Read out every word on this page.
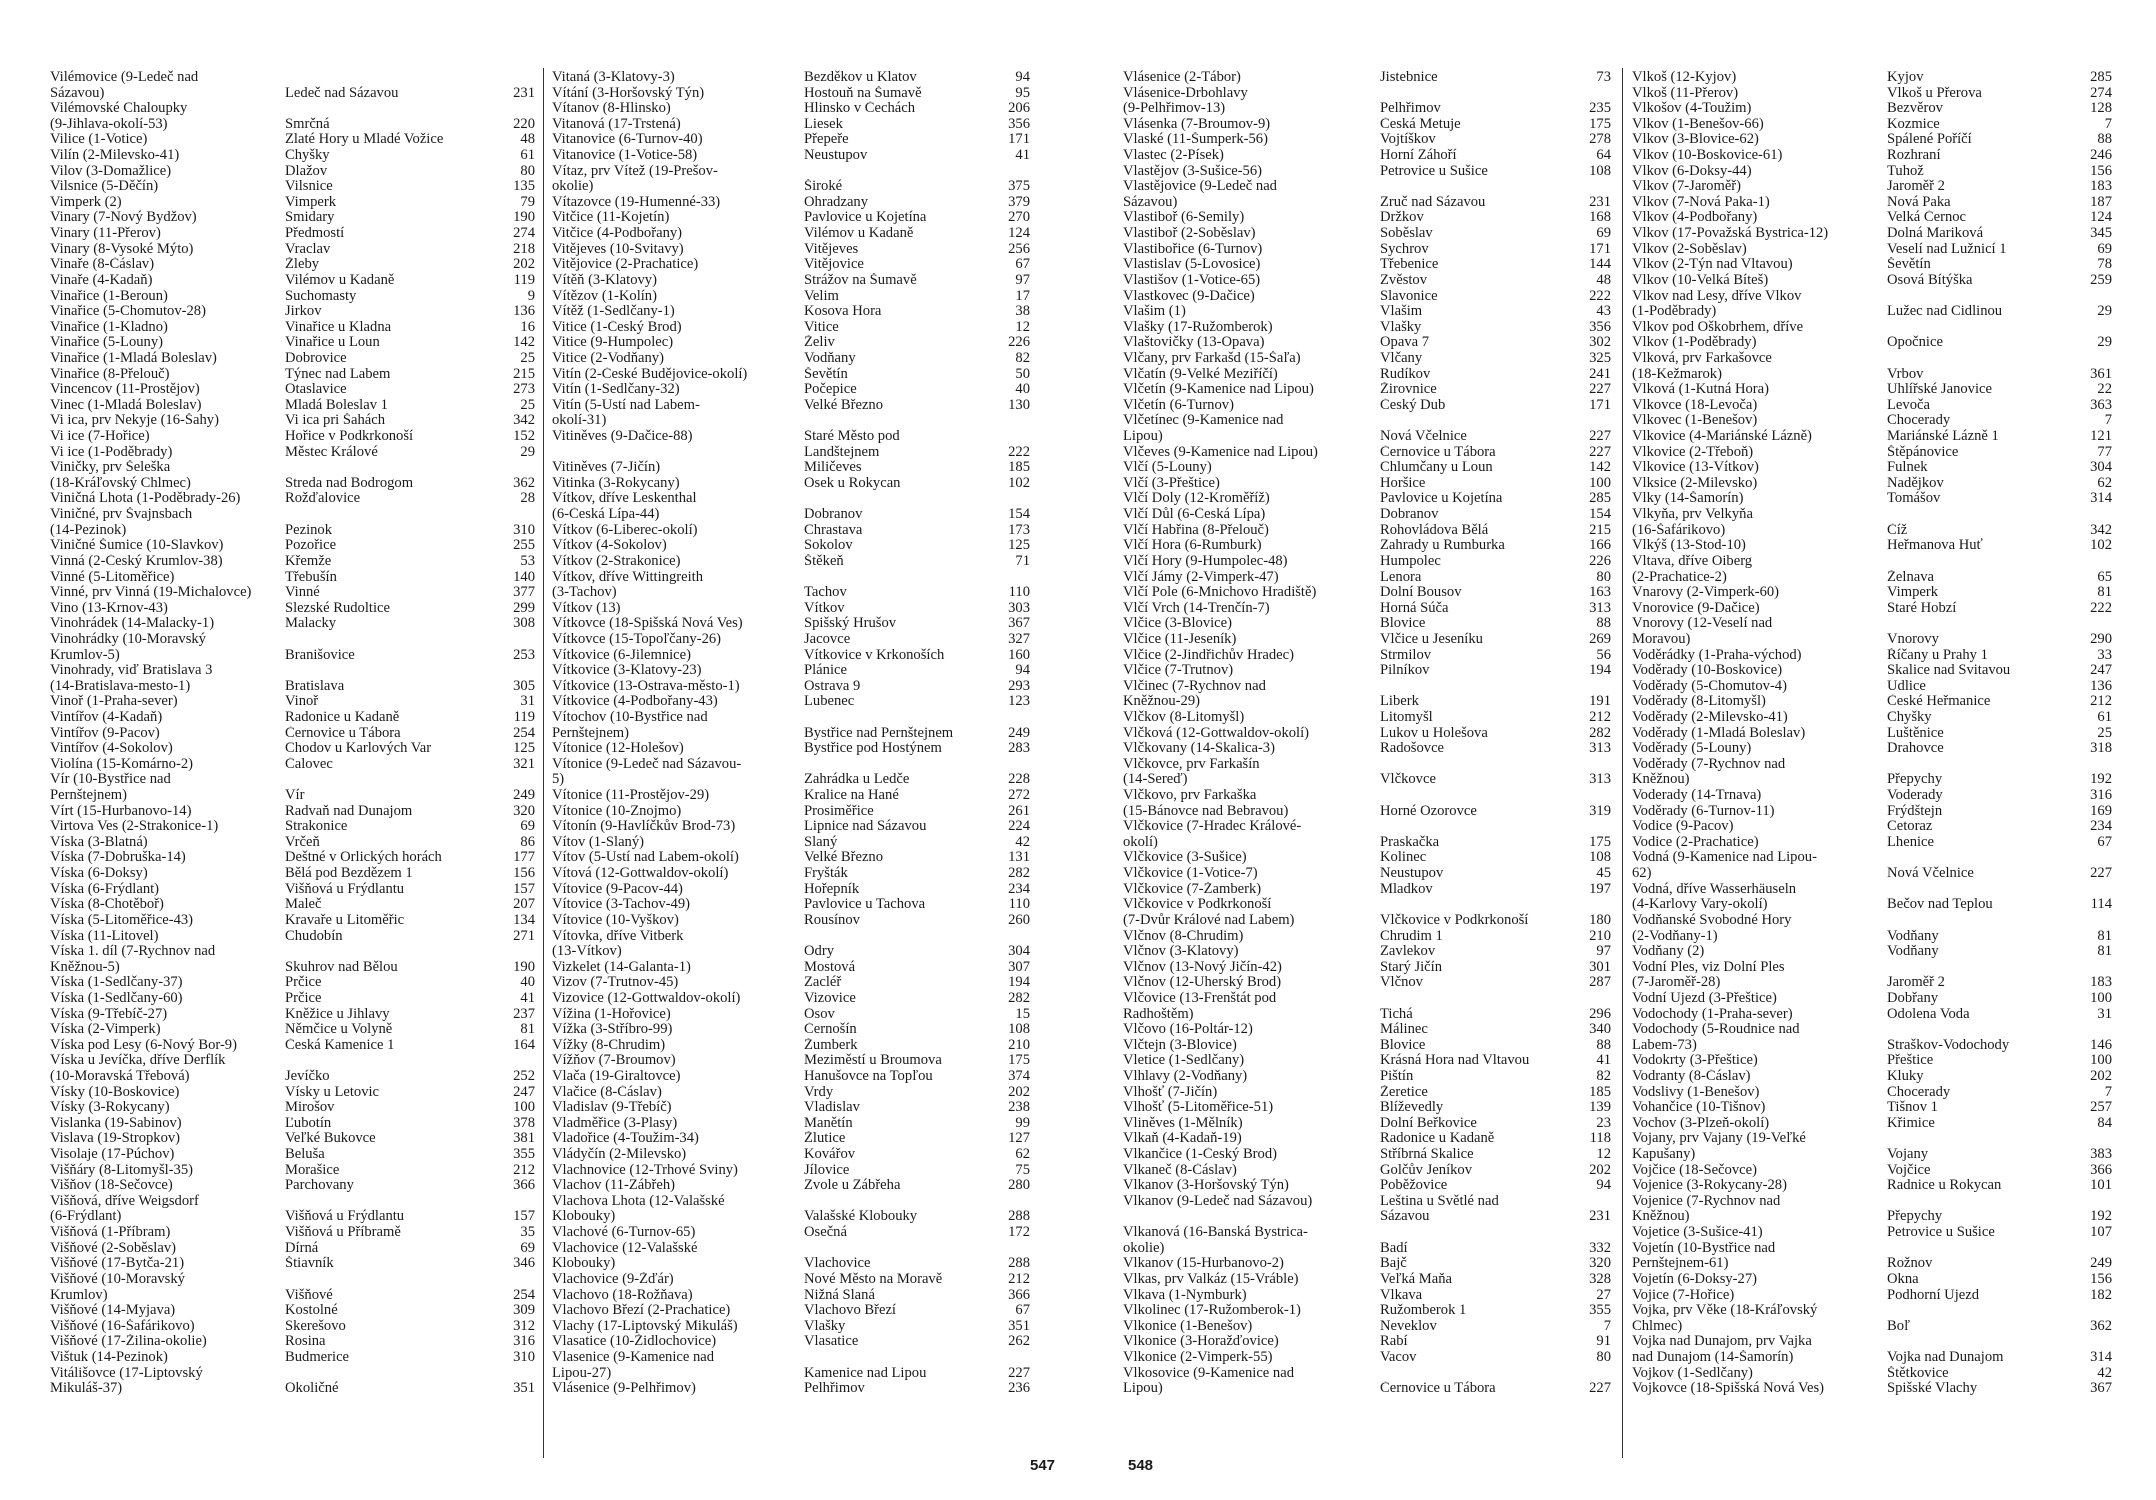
Vilémovice (9-Ledeč nad
Sázavou)	Ledeč nad Sázavou	231
Vilémovské Chaloupky
(9-Jihlava-okolí-53)	Smrčná	220
Vilice (1-Votice)	Zlaté Hory u Mladé Vožice	48
Vilín (2-Milevsko-41)	Chyšky	61
Vilov (3-Domažlice)	Dlažov	80
Vilsnice (5-Děčín)	Vilsnice	135
Vimperk (2)	Vimperk	79
Vinary (7-Nový Bydžov)	Smidary	190
Vinary (11-Přerov)	Předmostí	274
Vinary (8-Vysoké Mýto)	Vraclav	218
Vinaře (8-Čáslav)	Žleby	202
Vinaře (4-Kadaň)	Vilémov u Kadaně	119
Vinařice (1-Beroun)	Suchomasty	9
Vinařice (5-Chomutov-28)	Jirkov	136
Vinařice (1-Kladno)	Vinařice u Kladna	16
Vinařice (5-Louny)	Vinařice u Loun	142
Vinařice (1-Mladá Boleslav)	Dobrovice	25
Vinařice (8-Přelouč)	Týnec nad Labem	215
Vincencov (11-Prostějov)	Otaslavice	273
Vinec (1-Mladá Boleslav)	Mladá Boleslav 1	25
Vi ica, prv Nekyje (16-Šahy)	Vi ica pri Šahách	342
Vi ice (7-Hořice)	Hořice v Podkrkonoší	152
Vi ice (1-Poděbrady)	Městec Králové	29
Viničky, prv Šeleška
(18-Kráľovský Chlmec)	Streda nad Bodrogom	362
Viničná Lhota (1-Poděbrady-26)	Rožďalovice	28
Viničné, prv Švajnsbach
(14-Pezinok)	Pezinok	310
Viničné Šumice (10-Slavkov)	Pozořice	255
Vinná (2-Český Krumlov-38)	Křemže	53
Vinné (5-Litoměřice)	Třebušín	140
Vinné, prv Vinná (19-Michalovce)	Vinné	377
Vino (13-Krnov-43)	Slezské Rudoltice	299
Vinohrádek (14-Malacky-1)	Malacky	308
Vinohrádky (10-Moravský
Krumlov-5)	Branišovice	253
Vinohrady, viď Bratislava 3
(14-Bratislava-mesto-1)	Bratislava	305
Vinoř (1-Praha-sever)	Vinoř	31
Vintířov (4-Kadaň)	Radonice u Kadaně	119
Vintířov (9-Pacov)	Černovice u Tábora	254
Vintířov (4-Sokolov)	Chodov u Karlových Var	125
Violína (15-Komárno-2)	Čalovec	321
Vír (10-Bystřice nad
Pernštejnem)	Vír	249
Vírt (15-Hurbanovo-14)	Radvaň nad Dunajom	320
Virtova Ves (2-Strakonice-1)	Strakonice	69
Víska (3-Blatná)	Vrčeň	86
Víska (7-Dobruška-14)	Deštné v Orlických horách	177
Víska (6-Doksy)	Bělá pod Bezdězem 1	156
Víska (6-Frýdlant)	Višňová u Frýdlantu	157
Víska (8-Chotěboř)	Maleč	207
Víska (5-Litoměřice-43)	Kravaře u Litoměřic	134
Víska (11-Litovel)	Chudobín	271
Víska 1. díl (7-Rychnov nad
Kněžnou-5)	Skuhrov nad Bělou	190
Víska (1-Sedlčany-37)	Prčice	40
Víska (1-Sedlčany-60)	Prčice	41
Víska (9-Třebíč-27)	Kněžice u Jihlavy	237
Víska (2-Vimperk)	Němčice u Volyně	81
Víska pod Lesy (6-Nový Bor-9)	Česká Kamenice 1	164
Víska u Jevíčka, dříve Derflík
(10-Moravská Třebová)	Jevíčko	252
Vísky (10-Boskovice)	Vísky u Letovic	247
Vísky (3-Rokycany)	Mirošov	100
Vislanka (19-Sabinov)	Ľubotín	378
Vislava (19-Stropkov)	Veľké Bukovce	381
Visolaje (17-Púchov)	Beluša	355
Višňáry (8-Litomyšl-35)	Morašice	212
Višňov (18-Sečovce)	Parchovany	366
Višňová, dříve Weigsdorf
(6-Frýdlant)	Višňová u Frýdlantu	157
Višňová (1-Příbram)	Višňová u Příbramě	35
Višňové (2-Soběslav)	Dírná	69
Višňové (17-Bytča-21)	Štiavník	346
Višňové (10-Moravský
Krumlov)	Višňové	254
Višňové (14-Myjava)	Kostolné	309
Višňové (16-Šafárikovo)	Skerešovo	312
Višňové (17-Žilina-okolie)	Rosina	316
Vištuk (14-Pezinok)	Budmerice	310
Vitálišovce (17-Liptovský
Mikuláš-37)	Okoličné	351
Vitaná (3-Klatovy-3)	Bezděkov u Klatov	94
Vítání (3-Horšovský Týn)	Hostouň na Šumavě	95
Vítanov (8-Hlinsko)	Hlinsko v Čechách	206
Vitanová (17-Trstená)	Liesek	356
Vitanovice (6-Turnov-40)	Přepeře	171
Vitanovice (1-Votice-58)	Neustupov	41
Vítaz, prv Vítež (19-Prešov-
okolie)	Široké	375
Vítazovce (19-Humenné-33)	Ohradzany	379
Vitčice (11-Kojetín)	Pavlovice u Kojetína	270
Vitčice (4-Podbořany)	Vilémov u Kadaně	124
Vitějeves (10-Svitavy)	Vitějeves	256
Vitějovice (2-Prachatice)	Vitějovice	67
Vítěň (3-Klatovy)	Strážov na Šumavě	97
Vítězov (1-Kolín)	Velim	17
Vítěž (1-Sedlčany-1)	Kosova Hora	38
Vitice (1-Český Brod)	Vitice	12
Vitice (9-Humpolec)	Želiv	226
Vitice (2-Vodňany)	Vodňany	82
Vitín (2-České Budějovice-okolí)	Ševětín	50
Vitín (1-Sedlčany-32)	Počepice	40
Vitín (5-Ústí nad Labem-	Velké Březno	130
okolí-31)
Vitiněves (9-Dačice-88)	Staré Město pod
Landštejnem	222
Vitiněves (7-Jičín)	Miličeves	185
Vitinka (3-Rokycany)	Osek u Rokycan	102
Vítkov, dříve Leskenthal
(6-Česká Lípa-44)	Dobranov	154
Vítkov (6-Liberec-okolí)	Chrastava	173
Vítkov (4-Sokolov)	Sokolov	125
Vítkov (2-Strakonice)	Štěkeň	71
Vítkov, dříve Wittingreith
(3-Tachov)	Tachov	110
Vítkov (13)	Vítkov	303
Vítkovce (18-Spišská Nová Ves)	Spišský Hrušov	367
Vítkovce (15-Topoľčany-26)	Jacovce	327
Vítkovice (6-Jilemnice)	Vítkovice v Krkonoších	160
Vítkovice (3-Klatovy-23)	Plánice	94
Vítkovice (13-Ostrava-město-1)	Ostrava 9	293
Vítkovice (4-Podbořany-43)	Lubenec	123
Vítochov (10-Bystřice nad
Pernštejnem)	Bystřice nad Pernštejnem	249
Vítonice (12-Holešov)	Bystřice pod Hostýnem	283
Vítonice (9-Ledeč nad Sázavou-
5)	Zahrádka u Ledče	228
Vítonice (11-Prostějov-29)	Kralice na Hané	272
Vítonice (10-Znojmo)	Prosiměřice	261
Vítonín (9-Havlíčkův Brod-73)	Lipnice nad Sázavou	224
Vítov (1-Slaný)	Slaný	42
Vítov (5-Ústí nad Labem-okolí)	Velké Březno	131
Vítová (12-Gottwaldov-okolí)	Fryšták	282
Vítovice (9-Pacov-44)	Hořepník	234
Vítovice (3-Tachov-49)	Pavlovice u Tachova	110
Vítovice (10-Vyškov)	Rousínov	260
Vítovka, dříve Vitberk
(13-Vítkov)	Odry	304
Vizkelet (14-Galanta-1)	Mostová	307
Vizov (7-Trutnov-45)	Zacléř	194
Vizovice (12-Gottwaldov-okolí)	Vizovice	282
Vížina (1-Hořovice)	Osov	15
Vížka (3-Stříbro-99)	Černošín	108
Vížky (8-Chrudim)	Žumberk	210
Vížňov (7-Broumov)	Meziměstí u Broumova	175
Vlača (19-Giraltovce)	Hanušovce na Topľou	374
Vlačice (8-Čáslav)	Vrdy	202
Vladislav (9-Třebíč)	Vladislav	238
Vladměřice (3-Plasy)	Manětín	99
Vladořice (4-Toužim-34)	Žlutice	127
Vládyčín (2-Milevsko)	Kovářov	62
Vlachnovice (12-Trhové Sviny)	Jílovice	75
Vlachov (11-Zábřeh)	Zvole u Zábřeha	280
Vlachova Lhota (12-Valašské
Klobouky)	Valašské Klobouky	288
Vlachové (6-Turnov-65)	Osečná	172
Vlachovice (12-Valašské
Klobouky)	Vlachovice	288
Vlachovice (9-Žďár)	Nové Město na Moravě	212
Vlachovo (18-Rožňava)	Nižná Slaná	366
Vlachovo Březí (2-Prachatice)	Vlachovo Březí	67
Vlachy (17-Liptovský Mikuláš)	Vlašky	351
Vlasatice (10-Židlochovice)	Vlasatice	262
Vlasenice (9-Kamenice nad
Lipou-27)	Kamenice nad Lipou	227
Vlásenice (9-Pelhřimov)	Pelhřimov	236
Vlásenice (2-Tábor)	Jistebnice	73
Vlásenice-Drbohlavy
(9-Pelhřimov-13)	Pelhřimov	235
Vlásenka (7-Broumov-9)	Česká Metuje	175
Vlaské (11-Šumperk-56)	Vojtíškov	278
Vlastec (2-Písek)	Horní Záhoří	64
Vlastějov (3-Sušice-56)	Petrovice u Sušice	108
Vlastějovice (9-Ledeč nad
Sázavou)	Zruč nad Sázavou	231
Vlastiboř (6-Semily)	Držkov	168
Vlastiboř (2-Soběslav)	Soběslav	69
Vlastibořice (6-Turnov)	Sychrov	171
Vlastislav (5-Lovosice)	Třebenice	144
Vlastišov (1-Votice-65)	Zvěstov	48
Vlastkovec (9-Dačice)	Slavonice	222
Vlašim (1)	Vlašim	43
Vlašky (17-Ružomberok)	Vlašky	356
Vlaštovičky (13-Opava)	Opava 7	302
Vlčany, prv Farkašd (15-Šaľa)	Vlčany	325
Vlčatín (9-Velké Meziříčí)	Rudíkov	241
Vlčetín (9-Kamenice nad Lipou)	Žirovnice	227
Vlčetín (6-Turnov)	Český Dub	171
Vlčetínec (9-Kamenice nad
Lipou)	Nová Včelnice	227
Vlčeves (9-Kamenice nad Lipou)	Černovice u Tábora	227
Vlčí (5-Louny)	Chlumčany u Loun	142
Vlčí (3-Přeštice)	Horšice	100
Vlčí Doly (12-Kroměříž)	Pavlovice u Kojetína	285
Vlčí Důl (6-Česká Lípa)	Dobranov	154
Vlčí Habřina (8-Přelouč)	Rohovládova Bělá	215
Vlčí Hora (6-Rumburk)	Zahrady u Rumburka	166
Vlčí Hory (9-Humpolec-48)	Humpolec	226
Vlčí Jámy (2-Vimperk-47)	Lenora	80
Vlčí Pole (6-Mnichovo Hradiště)	Dolní Bousov	163
Vlčí Vrch (14-Trenčín-7)	Horná Súča	313
Vlčice (3-Blovice)	Blovice	88
Vlčice (11-Jeseník)	Vlčice u Jeseníku	269
Vlčice (2-Jindřichův Hradec)	Strmilov	56
Vlčice (7-Trutnov)	Pilníkov	194
Vlčinec (7-Rychnov nad
Kněžnou-29)	Liberk	191
Vlčkov (8-Litomyšl)	Litomyšl	212
Vlčková (12-Gottwaldov-okolí)	Lukov u Holešova	282
Vlčkovany (14-Skalica-3)	Radošovce	313
Vlčkovce, prv Farkašín
(14-Sereď)	Vlčkovce	313
Vlčkovo, prv Farkaška
(15-Bánovce nad Bebravou)	Horné Ozorovce	319
Vlčkovice (7-Hradec Králové-
okolí)	Praskačka	175
Vlčkovice (3-Sušice)	Kolinec	108
Vlčkovice (1-Votice-7)	Neustupov	45
Vlčkovice (7-Žamberk)	Mladkov	197
Vlčkovice v Podkrkonoší
(7-Dvůr Králové nad Labem)	Vlčkovice v Podkrkonoší	180
Vlčnov (8-Chrudim)	Chrudim 1	210
Vlčnov (3-Klatovy)	Zavlekov	97
Vlčnov (13-Nový Jičín-42)	Starý Jičín	301
Vlčnov (12-Uherský Brod)	Vlčnov	287
Vlčovice (13-Frenštát pod
Radhoštěm)	Tichá	296
Vlčovo (16-Poltár-12)	Málinec	340
Vlčtejn (3-Blovice)	Blovice	88
Vletice (1-Sedlčany)	Krásná Hora nad Vltavou	41
Vlhlavy (2-Vodňany)	Pištín	82
Vlhošť (7-Jičín)	Žeretice	185
Vlhošť (5-Litoměřice-51)	Blíževedly	139
Vliněves (1-Mělník)	Dolní Beřkovice	23
Vlkaň (4-Kadaň-19)	Radonice u Kadaně	118
Vlkančice (1-Český Brod)	Stříbrná Skalice	12
Vlkaneč (8-Čáslav)	Golčův Jeníkov	202
Vlkanov (3-Horšovský Týn)	Poběžovice	94
Vlkanov (9-Ledeč nad Sázavou)	Leština u Světlé nad
Sázavou	231
Vlkanová (16-Banská Bystrica-
okolie)	Badí	332
Vlkanov (15-Hurbanovo-2)	Bajč	320
Vlkas, prv Valkáz (15-Vráble)	Veľká Maňa	328
Vlkava (1-Nymburk)	Vlkava	27
Vlkolinec (17-Ružomberok-1)	Ružomberok 1	355
Vlkonice (1-Benešov)	Neveklov	7
Vlkonice (3-Horažďovice)	Rabí	91
Vlkonice (2-Vimperk-55)	Vacov	80
Vlkosovice (9-Kamenice nad
Lipou)	Černovice u Tábora	227
Vlkoš (12-Kyjov)	Kyjov	285
Vlkoš (11-Přerov)	Vlkoš u Přerova	274
Vlkošov (4-Toužim)	Bezvěrov	128
Vlkov (1-Benešov-66)	Kozmice	7
Vlkov (3-Blovice-62)	Spálené Poříčí	88
Vlkov (10-Boskovice-61)	Rozhraní	246
Vlkov (6-Doksy-44)	Tuhož	156
Vlkov (7-Jaroměř)	Jaroměř 2	183
Vlkov (7-Nová Paka-1)	Nová Paka	187
Vlkov (4-Podbořany)	Velká Černoc	124
Vlkov (17-Považská Bystrica-12)	Dolná Mariková	345
Vlkov (2-Soběslav)	Veselí nad Lužnicí 1	69
Vlkov (2-Týn nad Vltavou)	Ševětín	78
Vlkov (10-Velká Bíteš)	Osová Bítýška	259
Vlkov nad Lesy, dříve Vlkov
(1-Poděbrady)	Lužec nad Cidlinou	29
Vlkov pod Oškobrhem, dříve
Vlkov (1-Poděbrady)	Opočnice	29
Vlková, prv Farkašovce
(18-Kežmarok)	Vrbov	361
Vlková (1-Kutná Hora)	Uhlířské Janovice	22
Vlkovce (18-Levoča)	Levoča	363
Vlkovec (1-Benešov)	Chocerady	7
Vlkovice (4-Mariánské Lázně)	Mariánské Lázně 1	121
Vlkovice (2-Třeboň)	Štěpánovice	77
Vlkovice (13-Vítkov)	Fulnek	304
Vlksice (2-Milevsko)	Nadějkov	62
Vlky (14-Šamorín)	Tomášov	314
Vlkyňa, prv Velkyňa
(16-Šafárikovo)	Číž	342
Vlkýš (13-Stod-10)	Heřmanova Huť	102
Vltava, dříve Oiberg
(2-Prachatice-2)	Želnava	65
Vnarovy (2-Vimperk-60)	Vimperk	81
Vnorovice (9-Dačice)	Staré Hobzí	222
Vnorovy (12-Veselí nad
Moravou)	Vnorovy	290
Voděrádky (1-Praha-východ)	Říčany u Prahy 1	33
Voděrady (10-Boskovice)	Skalice nad Svitavou	247
Voděrady (5-Chomutov-4)	Údlice	136
Voděrady (8-Litomyšl)	České Heřmanice	212
Voděrady (2-Milevsko-41)	Chyšky	61
Voděrady (1-Mladá Boleslav)	Luštěnice	25
Voděrady (5-Louny)	Drahovce	318
Voděrady (7-Rychnov nad
Kněžnou)	Přepychy	192
Voderady (14-Trnava)	Voderady	316
Voděrady (6-Turnov-11)	Frýdštejn	169
Vodice (9-Pacov)	Cetoraz	234
Vodice (2-Prachatice)	Lhenice	67
Vodná (9-Kamenice nad Lipou-
62)	Nová Včelnice	227
Vodná, dříve Wasserhäuseln
(4-Karlovy Vary-okolí)	Bečov nad Teplou	114
Vodňanské Svobodné Hory
(2-Vodňany-1)	Vodňany	81
Vodňany (2)	Vodňany	81
Vodní Ples, viz Dolní Ples
(7-Jaroměř-28)	Jaroměř 2	183
Vodní Újezd (3-Přeštice)	Dobřany	100
Vodochody (1-Praha-sever)	Odolena Voda	31
Vodochody (5-Roudnice nad
Labem-73)	Straškov-Vodochody	146
Vodokrty (3-Přeštice)	Přeštice	100
Vodranty (8-Čáslav)	Kluky	202
Vodslivy (1-Benešov)	Chocerady	7
Vohančice (10-Tišnov)	Tišnov 1	257
Vochov (3-Plzeň-okolí)	Křimice	84
Vojany, prv Vajany (19-Veľké
Kapušany)	Vojany	383
Vojčice (18-Sečovce)	Vojčice	366
Vojenice (3-Rokycany-28)	Radnice u Rokycan	101
Vojenice (7-Rychnov nad
Kněžnou)	Přepychy	192
Vojetice (3-Sušice-41)	Petrovice u Sušice	107
Vojetín (10-Bystřice nad
Pernštejnem-61)	Rožnov	249
Vojetín (6-Doksy-27)	Okna	156
Vojice (7-Hořice)	Podhorní Újezd	182
Vojka, prv Věke (18-Kráľovský
Chlmec)	Boľ	362
Vojka nad Dunajom, prv Vajka
nad Dunajom (14-Šamorín)	Vojka nad Dunajom	314
Vojkov (1-Sedlčany)	Štětkovice	42
Vojkovce (18-Spišská Nová Ves)	Spišské Vlachy	367
547	548
